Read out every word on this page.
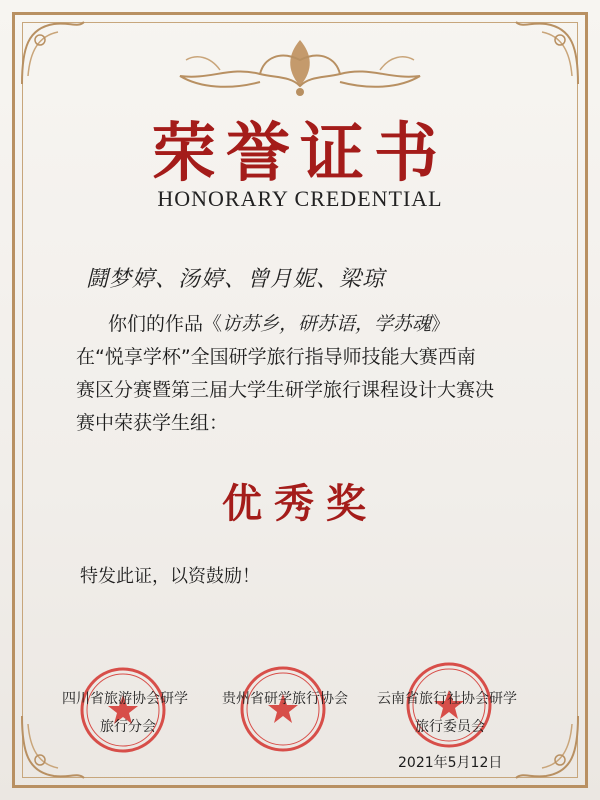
荣誉证书
HONORARY CREDENTIAL
鬪梦婷、汤婷、曾月妮、梁琼
你们的作品《访苏乡，研苏语，学苏魂》
在“悦享学杯”全国研学旅行指导师技能大赛西南
赛区分赛暨第三届大学生研学旅行课程设计大赛决
赛中荣获学生组：
优秀奖
特发此证，以资鼓励！
四川省旅游协会研学
旅行分会
贵州省研学旅行协会 云南省旅行社协会研学
旅行委员会
2021年5月12日
